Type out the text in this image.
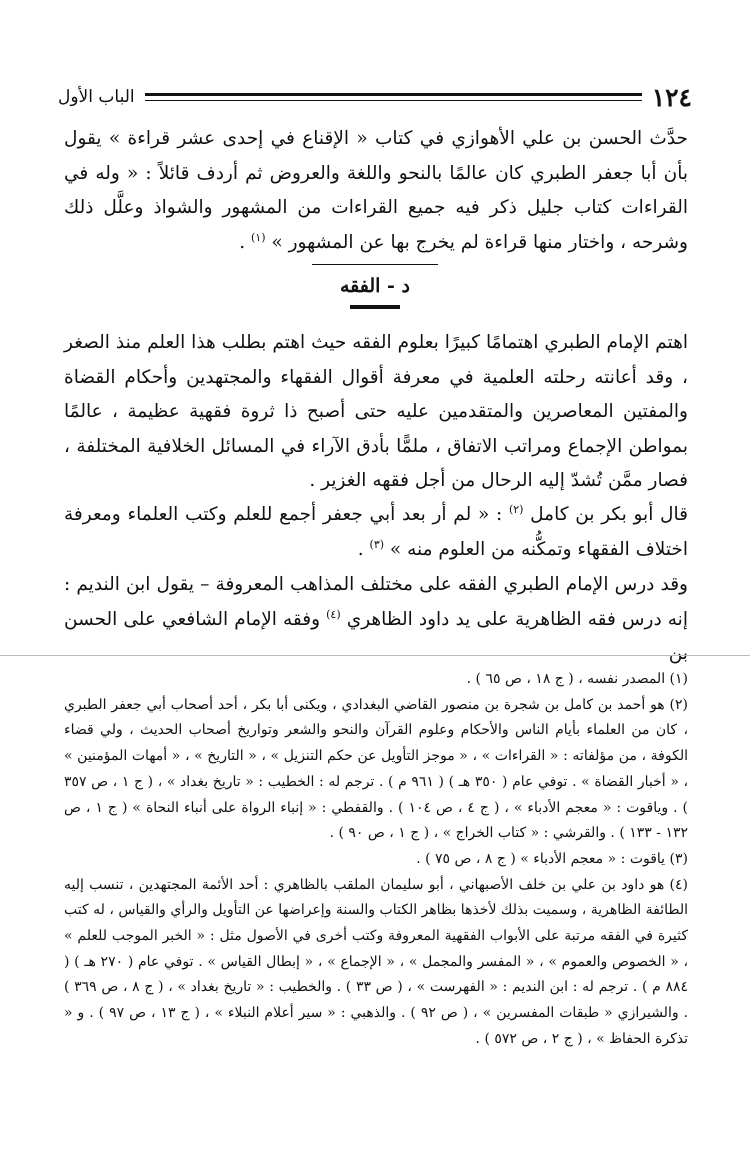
١٢٤
الباب الأول

حدَّث الحسن بن علي الأهوازي في كتاب « الإقناع في إحدى عشر قراءة » يقول بأن أبا جعفر الطبري كان عالمًا بالنحو واللغة والعروض ثم أردف قائلاً : « وله في القراءات كتاب جليل ذكر فيه جميع القراءات من المشهور والشواذ وعلَّل ذلك وشرحه ، واختار منها قراءة لم يخرج بها عن المشهور » $^{(١)}$ .

د - الفقه

اهتم الإمام الطبري اهتمامًا كبيرًا بعلوم الفقه حيث اهتم بطلب هذا العلم منذ الصغر ، وقد أعانته رحلته العلمية في معرفة أقوال الفقهاء والمجتهدين وأحكام القضاة والمفتين المعاصرين والمتقدمين عليه حتى أصبح ذا ثروة فقهية عظيمة ، عالمًا بمواطن الإجماع ومراتب الاتفاق ، ملمًّا بأدق الآراء في المسائل الخلافية المختلفة ، فصار ممَّن تُشدّ إليه الرحال من أجل فقهه الغزير .

قال أبو بكر بن كامل $^{(٢)}$ : « لم أر بعد أبي جعفر أجمع للعلم وكتب العلماء ومعرفة اختلاف الفقهاء وتمكُّنه من العلوم منه » $^{(٣)}$ .

وقد درس الإمام الطبري الفقه على مختلف المذاهب المعروفة – يقول ابن النديم : إنه درس فقه الظاهرية على يد داود الظاهري $^{(٤)}$ وفقه الإمام الشافعي على الحسن بن

(١) المصدر نفسه ، ( ج ١٨ ، ص ٦٥ ) .

(٢) هو أحمد بن كامل بن شجرة بن منصور القاضي البغدادي ، ويكنى أبا بكر ، أحد أصحاب أبي جعفر الطبري ، كان من العلماء بأيام الناس والأحكام وعلوم القرآن والنحو والشعر وتواريخ أصحاب الحديث ، ولي قضاء الكوفة ، من مؤلفاته : « القراءات » ، « موجز التأويل عن حكم التنزيل » ، « التاريخ » ، « أمهات المؤمنين » ، « أخبار القضاة » . توفي عام ( ٣٥٠ هـ ) ( ٩٦١ م ) . ترجم له : الخطيب : « تاريخ بغداد » ، ( ج ١ ، ص ٣٥٧ ) . وياقوت : « معجم الأدباء » ، ( ج ٤ ، ص ١٠٤ ) . والقفطي : « إنباء الرواة على أنباء النحاة » ( ج ١ ، ص ١٣٢ - ١٣٣ ) . والقرشي : « كتاب الخراج » ، ( ج ١ ، ص ٩٠ ) .

(٣) ياقوت : « معجم الأدباء » ( ج ٨ ، ص ٧٥ ) .

(٤) هو داود بن علي بن خلف الأصبهاني ، أبو سليمان الملقب بالظاهري : أحد الأئمة المجتهدين ، تنسب إليه الطائفة الظاهرية ، وسميت بذلك لأخذها بظاهر الكتاب والسنة وإعراضها عن التأويل والرأي والقياس ، له كتب كثيرة في الفقه مرتبة على الأبواب الفقهية المعروفة وكتب أخرى في الأصول مثل : « الخبر الموجب للعلم » ، « الخصوص والعموم » ، « المفسر والمجمل » ، « الإجماع » ، « إبطال القياس » . توفي عام ( ٢٧٠ هـ ) ( ٨٨٤ م ) . ترجم له : ابن النديم : « الفهرست » ، ( ص ٣٣ ) . والخطيب : « تاريخ بغداد » ، ( ج ٨ ، ص ٣٦٩ ) . والشيرازي « طبقات المفسرين » ، ( ص ٩٢ ) . والذهبي : « سير أعلام النبلاء » ، ( ج ١٣ ، ص ٩٧ ) . و « تذكرة الحفاظ » ، ( ج ٢ ، ص ٥٧٢ ) .
